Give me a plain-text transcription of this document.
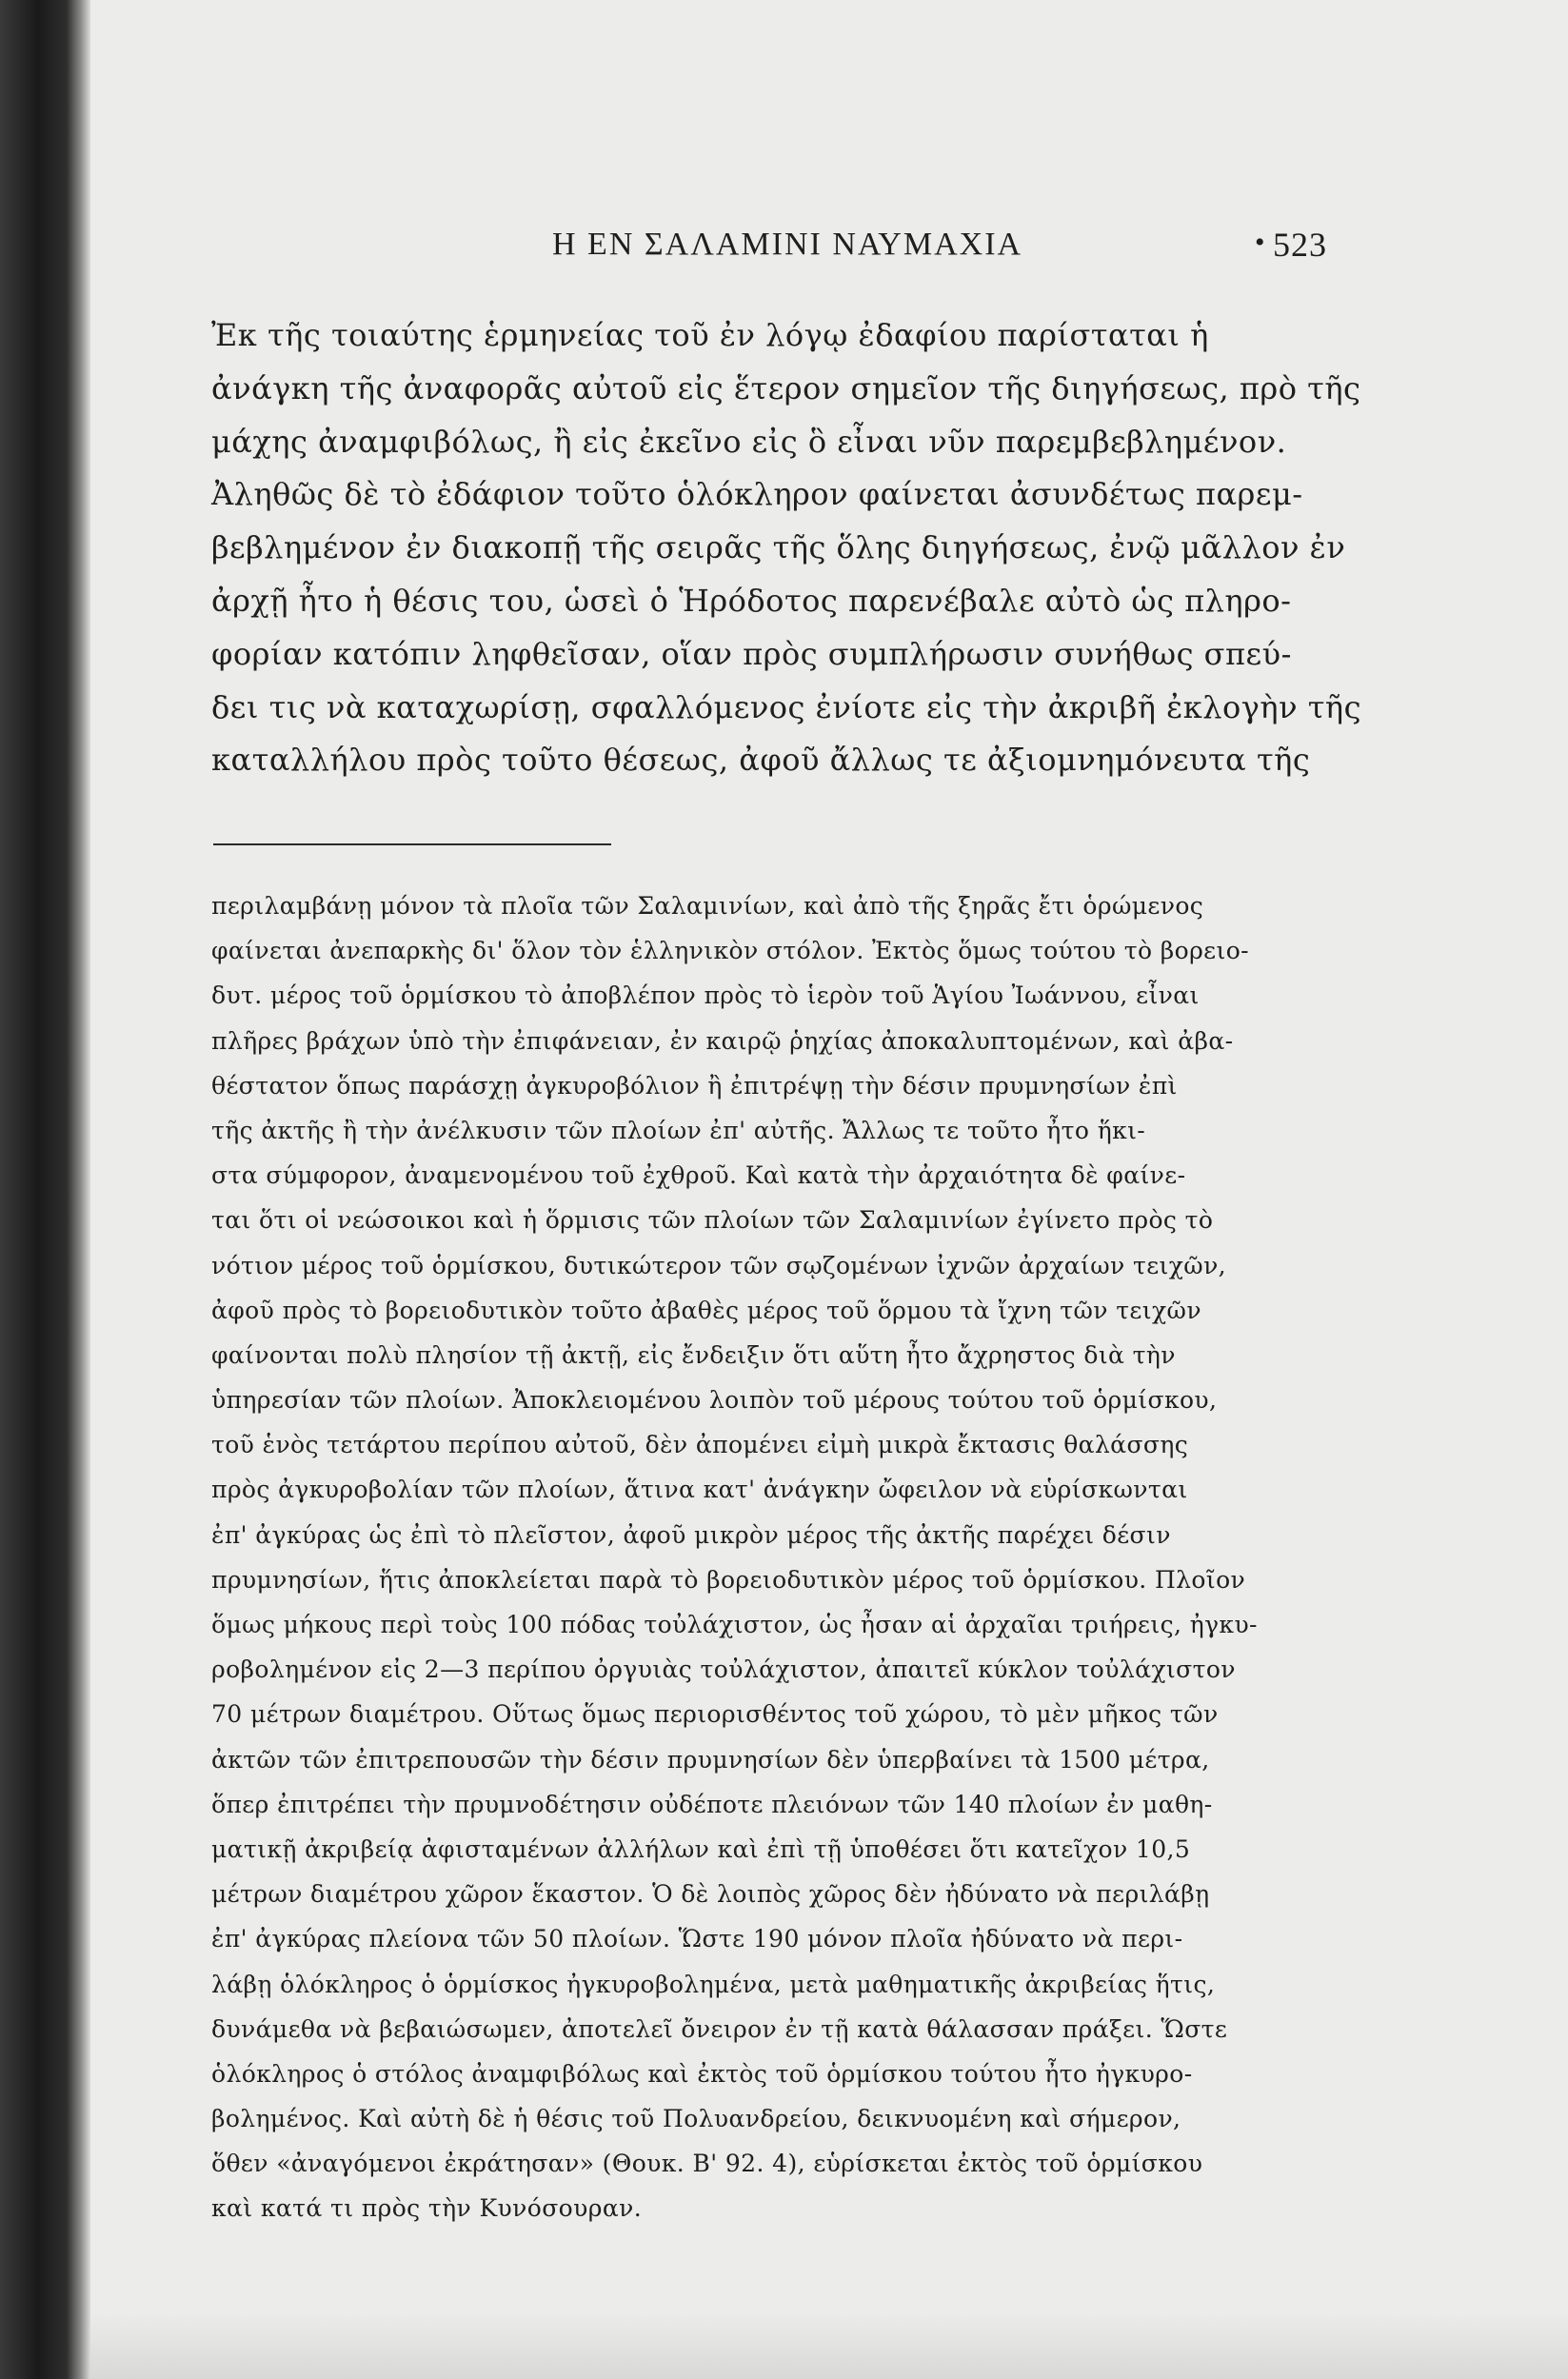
Η ΕΝ ΣΑΛΑΜΙΝΙ ΝΑΥΜΑΧΙΑ	• 523
Ἐκ τῆς τοιαύτης ἑρμηνείας τοῦ ἐν λόγῳ ἐδαφίου παρίσταται ἡ
ἀνάγκη τῆς ἀναφορᾶς αὐτοῦ εἰς ἕτερον σημεῖον τῆς διηγήσεως, πρὸ τῆς
μάχης ἀναμφιβόλως, ἢ εἰς ἐκεῖνο εἰς ὃ εἶναι νῦν παρεμβεβλημένον.
Ἀληθῶς δὲ τὸ ἐδάφιον τοῦτο ὁλόκληρον φαίνεται ἀσυνδέτως παρεμ-
βεβλημένον ἐν διακοπῇ τῆς σειρᾶς τῆς ὅλης διηγήσεως, ἐνῷ μᾶλλον ἐν
ἀρχῇ ἦτο ἡ θέσις του, ὡσεὶ ὁ Ἡρόδοτος παρενέβαλε αὐτὸ ὡς πληρο-
φορίαν κατόπιν ληφθεῖσαν, οἵαν πρὸς συμπλήρωσιν συνήθως σπεύ-
δει τις νὰ καταχωρίσῃ, σφαλλόμενος ἐνίοτε εἰς τὴν ἀκριβῆ ἐκλογὴν τῆς
καταλλήλου πρὸς τοῦτο θέσεως, ἀφοῦ ἄλλως τε ἀξιομνημόνευτα τῆς
περιλαμβάνῃ μόνον τὰ πλοῖα τῶν Σαλαμινίων, καὶ ἀπὸ τῆς ξηρᾶς ἔτι ὁρώμενος
φαίνεται ἀνεπαρκὴς δι' ὅλον τὸν ἑλληνικὸν στόλον. Ἐκτὸς ὅμως τούτου τὸ βορειο-
δυτ. μέρος τοῦ ὁρμίσκου τὸ ἀποβλέπον πρὸς τὸ ἱερὸν τοῦ Ἁγίου Ἰωάννου, εἶναι
πλῆρες βράχων ὑπὸ τὴν ἐπιφάνειαν, ἐν καιρῷ ῥηχίας ἀποκαλυπτομένων, καὶ ἀβα-
θέστατον ὅπως παράσχῃ ἀγκυροβόλιον ἢ ἐπιτρέψῃ τὴν δέσιν πρυμνησίων ἐπὶ
τῆς ἀκτῆς ἢ τὴν ἀνέλκυσιν τῶν πλοίων ἐπ' αὐτῆς. Ἄλλως τε τοῦτο ἦτο ἥκι-
στα σύμφορον, ἀναμενομένου τοῦ ἐχθροῦ. Καὶ κατὰ τὴν ἀρχαιότητα δὲ φαίνε-
ται ὅτι οἱ νεώσοικοι καὶ ἡ ὅρμισις τῶν πλοίων τῶν Σαλαμινίων ἐγίνετο πρὸς τὸ
νότιον μέρος τοῦ ὁρμίσκου, δυτικώτερον τῶν σῳζομένων ἰχνῶν ἀρχαίων τειχῶν,
ἀφοῦ πρὸς τὸ βορειοδυτικὸν τοῦτο ἀβαθὲς μέρος τοῦ ὅρμου τὰ ἴχνη τῶν τειχῶν
φαίνονται πολὺ πλησίον τῇ ἀκτῇ, εἰς ἔνδειξιν ὅτι αὕτη ἦτο ἄχρηστος διὰ τὴν
ὑπηρεσίαν τῶν πλοίων. Ἀποκλειομένου λοιπὸν τοῦ μέρους τούτου τοῦ ὁρμίσκου,
τοῦ ἑνὸς τετάρτου περίπου αὐτοῦ, δὲν ἀπομένει εἰμὴ μικρὰ ἔκτασις θαλάσσης
πρὸς ἀγκυροβολίαν τῶν πλοίων, ἅτινα κατ' ἀνάγκην ὤφειλον νὰ εὑρίσκωνται
ἐπ' ἀγκύρας ὡς ἐπὶ τὸ πλεῖστον, ἀφοῦ μικρὸν μέρος τῆς ἀκτῆς παρέχει δέσιν
πρυμνησίων, ἥτις ἀποκλείεται παρὰ τὸ βορειοδυτικὸν μέρος τοῦ ὁρμίσκου. Πλοῖον
ὅμως μήκους περὶ τοὺς 100 πόδας τοὐλάχιστον, ὡς ἦσαν αἱ ἀρχαῖαι τριήρεις, ἠγκυ-
ροβολημένον εἰς 2—3 περίπου ὀργυιὰς τοὐλάχιστον, ἀπαιτεῖ κύκλον τοὐλάχιστον
70 μέτρων διαμέτρου. Οὕτως ὅμως περιορισθέντος τοῦ χώρου, τὸ μὲν μῆκος τῶν
ἀκτῶν τῶν ἐπιτρεπουσῶν τὴν δέσιν πρυμνησίων δὲν ὑπερβαίνει τὰ 1500 μέτρα,
ὅπερ ἐπιτρέπει τὴν πρυμνοδέτησιν οὐδέποτε πλειόνων τῶν 140 πλοίων ἐν μαθη-
ματικῇ ἀκριβείᾳ ἀφισταμένων ἀλλήλων καὶ ἐπὶ τῇ ὑποθέσει ὅτι κατεῖχον 10,5
μέτρων διαμέτρου χῶρον ἕκαστον. Ὁ δὲ λοιπὸς χῶρος δὲν ἠδύνατο νὰ περιλάβῃ
ἐπ' ἀγκύρας πλείονα τῶν 50 πλοίων. Ὥστε 190 μόνον πλοῖα ἠδύνατο νὰ περι-
λάβῃ ὁλόκληρος ὁ ὁρμίσκος ἠγκυροβολημένα, μετὰ μαθηματικῆς ἀκριβείας ἥτις,
δυνάμεθα νὰ βεβαιώσωμεν, ἀποτελεῖ ὄνειρον ἐν τῇ κατὰ θάλασσαν πράξει. Ὥστε
ὁλόκληρος ὁ στόλος ἀναμφιβόλως καὶ ἐκτὸς τοῦ ὁρμίσκου τούτου ἦτο ἠγκυρο-
βολημένος. Καὶ αὐτὴ δὲ ἡ θέσις τοῦ Πολυανδρείου, δεικνυομένη καὶ σήμερον,
ὅθεν «ἀναγόμενοι ἐκράτησαν» (Θουκ. Β' 92. 4), εὑρίσκεται ἐκτὸς τοῦ ὁρμίσκου
καὶ κατά τι πρὸς τὴν Κυνόσουραν.
